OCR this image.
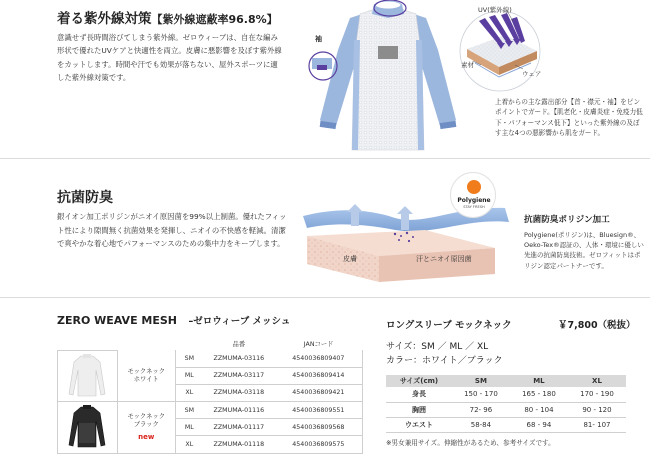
着る紫外線対策【紫外線遮蔽率96.8%】
意識せず長時間浴びてしまう紫外線。ゼロウィーブは、自在な編み形状で優れたUVケアと快適性を両立。皮膚に悪影響を及ぼす紫外線をカットします。時間や汗でも効果が落ちない、屋外スポーツに適した紫外線対策です。
袖
UV(紫外線)
素材
ウェア
上着からの主な露出部分【首・襟元・袖】をピンポイントでガード。【肌老化・皮膚炎症・免疫力低下・パフォーマンス低下】といった紫外線の及ぼす主な4つの悪影響から肌をガード。
抗菌防臭
銀イオン加工ポリジンがニオイ原因菌を99%以上制菌。優れたフィット性により隙間無く抗菌効果を発揮し、ニオイの不快感を軽減。清潔で爽やかな着心地でパフォーマンスのための集中力をキープします。
無臭
無臭
皮膚	汗とニオイ原因菌
Polygiene
STAY FRESH
抗菌防臭ポリジン加工
Polygiene(ポリジン)は、Bluesign®、Oeko-Tex®認証の、人体・環境に優しい先進の抗菌防臭技術。ゼロフィットはポリジン認定パートナーです。
ZERO WEAVE MESH –ゼロウィーブ メッシュ
			品番	JANコード
	モックネック
ホワイト	SM	ZZMUMA-03116	4540036809407
		ML	ZZMUMA-03117	4540036809414
		XL	ZZMUMA-03118	4540036809421
	モックネック
ブラック
new	SM	ZZMUMA-01116	4540036809551
		ML	ZZMUMA-01117	4540036809568
		XL	ZZMUMA-01118	4540036809575
ロングスリーブ モックネック	￥7,800（税抜）
サイズ：SM ／ ML ／ XL
カラー：ホワイト／ブラック
サイズ(cm)	SM	ML	XL
身長	150 - 170	165 - 180	170 - 190
胸囲	72- 96	80 - 104	90 - 120
ウエスト	58-84	68 - 94	81- 107
※男女兼用サイズ。伸縮性があるため、参考サイズです。
